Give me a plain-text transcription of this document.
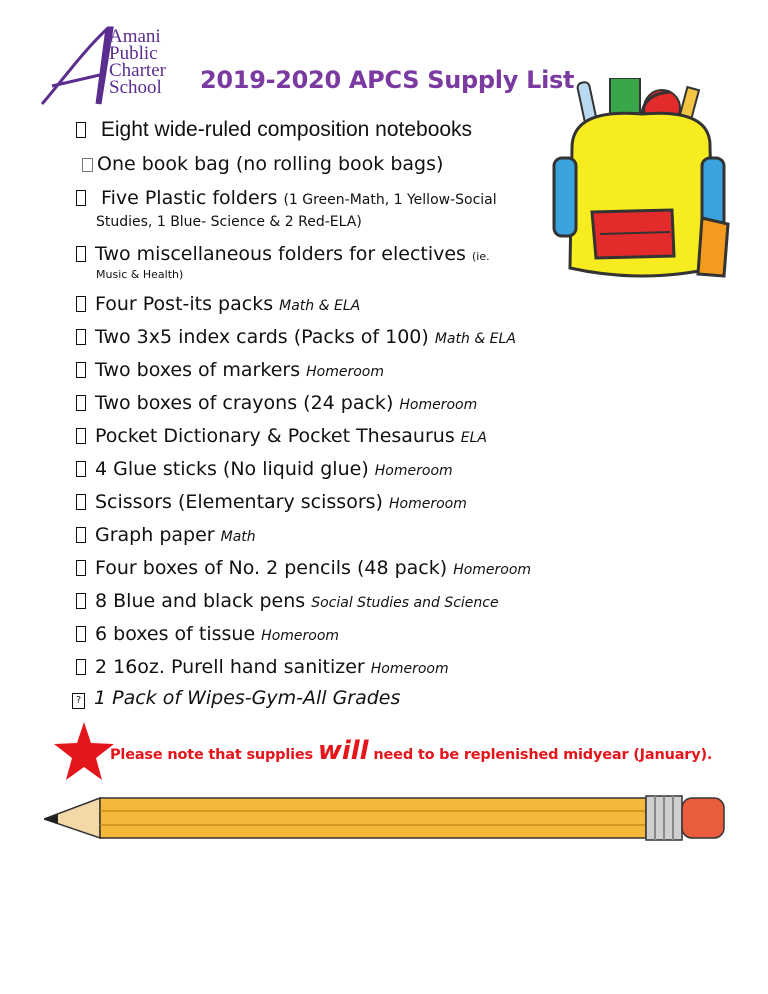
Amani
Public
Charter
School 2019-2020 APCS Supply List
Eight wide-ruled composition notebooks
One book bag (no rolling book bags)
Five Plastic folders (1 Green-Math, 1 Yellow-Social
Studies, 1 Blue- Science & 2 Red-ELA)
Two miscellaneous folders for electives (ie.
Music & Health)
Four Post-its packs Math & ELA
Two 3x5 index cards (Packs of 100) Math & ELA
Two boxes of markers Homeroom
Two boxes of crayons (24 pack) Homeroom
Pocket Dictionary & Pocket Thesaurus ELA
4 Glue sticks (No liquid glue) Homeroom
Scissors (Elementary scissors) Homeroom
Graph paper Math
Four boxes of No. 2 pencils (48 pack) Homeroom
8 Blue and black pens Social Studies and Science
6 boxes of tissue Homeroom
2 16oz. Purell hand sanitizer Homeroom
? 1 Pack of Wipes-Gym-All Grades
Please note that supplies will need to be replenished midyear (January).
